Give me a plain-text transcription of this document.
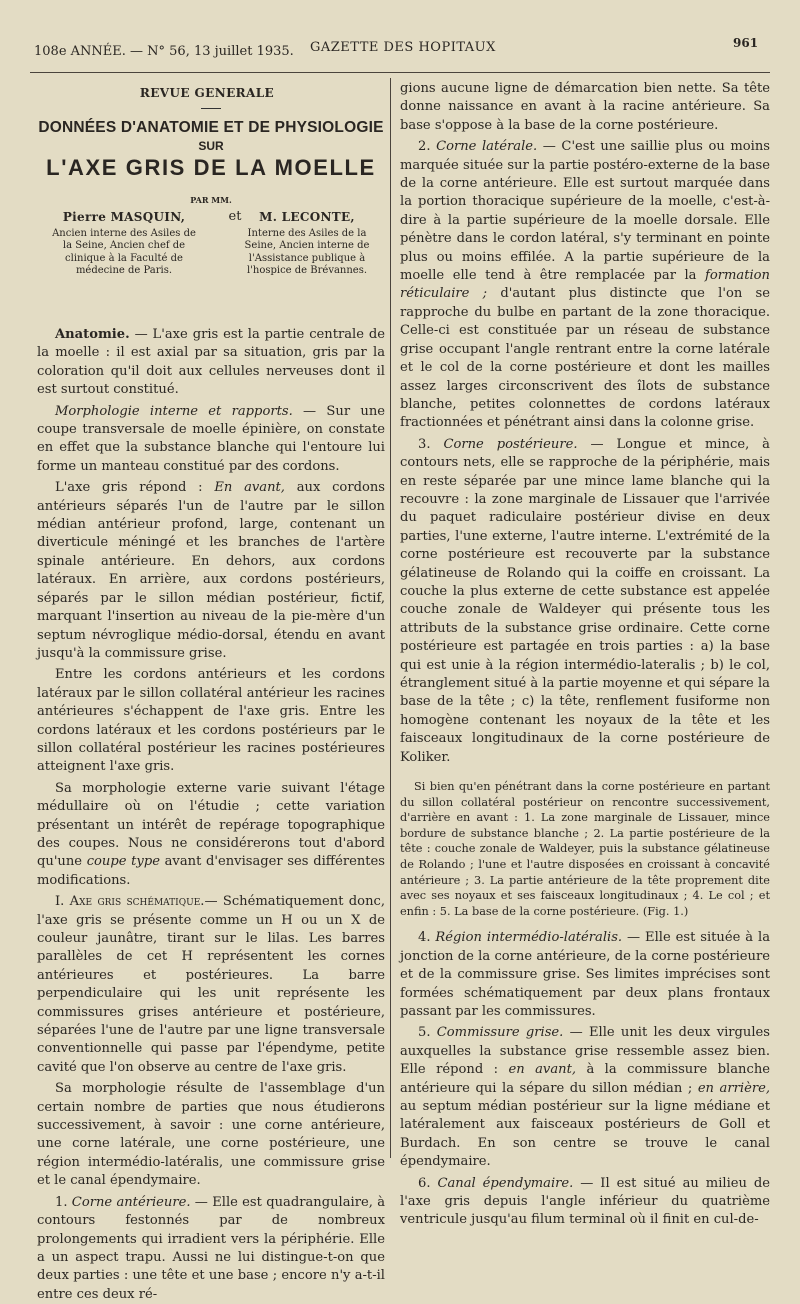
108e ANNÉE. — N° 56, 13 juillet 1935. GAZETTE DES HOPITAUX	961
REVUE GENERALE
DONNÉES D'ANATOMIE ET DE PHYSIOLOGIE
SUR
L'AXE GRIS DE LA MOELLE
PAR MM.
Pierre MASQUIN,
Ancien interne des Asiles de la Seine, Ancien chef de clinique à la Faculté de médecine de Paris.
et	M. LECONTE,
Interne des Asiles de la Seine, Ancien interne de l'Assistance publique à l'hospice de Brévannes.

Anatomie. — L'axe gris est la partie centrale de la moelle : il est axial par sa situation, gris par la coloration qu'il doit aux cellules nerveuses dont il est surtout constitué.

Morphologie interne et rapports. — Sur une coupe transversale de moelle épinière, on constate en effet que la substance blanche qui l'entoure lui forme un manteau constitué par des cordons.

L'axe gris répond : En avant, aux cordons antérieurs séparés l'un de l'autre par le sillon médian antérieur profond, large, contenant un diverticule méningé et les branches de l'artère spinale antérieure. En dehors, aux cordons latéraux. En arrière, aux cordons postérieurs, séparés par le sillon médian postérieur, fictif, marquant l'insertion au niveau de la pie-mère d'un septum névroglique médio-dorsal, étendu en avant jusqu'à la commissure grise.

Entre les cordons antérieurs et les cordons latéraux par le sillon collatéral antérieur les racines antérieures s'échappent de l'axe gris. Entre les cordons latéraux et les cordons postérieurs par le sillon collatéral postérieur les racines postérieures atteignent l'axe gris.

Sa morphologie externe varie suivant l'étage médullaire où on l'étudie ; cette variation présentant un intérêt de repérage topographique des coupes. Nous ne considérerons tout d'abord qu'une coupe type avant d'envisager ses différentes modifications.

I. Axe gris schématique.— Schématiquement donc, l'axe gris se présente comme un H ou un X de couleur jaunâtre, tirant sur le lilas. Les barres parallèles de cet H représentent les cornes antérieures et postérieures. La barre perpendiculaire qui les unit représente les commissures grises antérieure et postérieure, séparées l'une de l'autre par une ligne transversale conventionnelle qui passe par l'épendyme, petite cavité que l'on observe au centre de l'axe gris.

Sa morphologie résulte de l'assemblage d'un certain nombre de parties que nous étudierons successivement, à savoir : une corne antérieure, une corne latérale, une corne postérieure, une région intermédio-latéralis, une commissure grise et le canal épendymaire.

1. Corne antérieure. — Elle est quadrangulaire, à contours festonnés par de nombreux prolongements qui irradient vers la périphérie. Elle a un aspect trapu. Aussi ne lui distingue-t-on que deux parties : une tête et une base ; encore n'y a-t-il entre ces deux ré-

gions aucune ligne de démarcation bien nette. Sa tête donne naissance en avant à la racine antérieure. Sa base s'oppose à la base de la corne postérieure.

2. Corne latérale. — C'est une saillie plus ou moins marquée située sur la partie postéro-externe de la base de la corne antérieure. Elle est surtout marquée dans la portion thoracique supérieure de la moelle, c'est-à-dire à la partie supérieure de la moelle dorsale. Elle pénètre dans le cordon latéral, s'y terminant en pointe plus ou moins effilée. A la partie supérieure de la moelle elle tend à être remplacée par la formation réticulaire ; d'autant plus distincte que l'on se rapproche du bulbe en partant de la zone thoracique. Celle-ci est constituée par un réseau de substance grise occupant l'angle rentrant entre la corne latérale et le col de la corne postérieure et dont les mailles assez larges circonscrivent des îlots de substance blanche, petites colonnettes de cordons latéraux fractionnées et pénétrant ainsi dans la colonne grise.

3. Corne postérieure. — Longue et mince, à contours nets, elle se rapproche de la périphérie, mais en reste séparée par une mince lame blanche qui la recouvre : la zone marginale de Lissauer que l'arrivée du paquet radiculaire postérieur divise en deux parties, l'une externe, l'autre interne. L'extrémité de la corne postérieure est recouverte par la substance gélatineuse de Rolando qui la coiffe en croissant. La couche la plus externe de cette substance est appelée couche zonale de Waldeyer qui présente tous les attributs de la substance grise ordinaire. Cette corne postérieure est partagée en trois parties : a) la base qui est unie à la région intermédio-lateralis ; b) le col, étranglement situé à la partie moyenne et qui sépare la base de la tête ; c) la tête, renflement fusiforme non homogène contenant les noyaux de la tête et les faisceaux longitudinaux de la corne postérieure de Koliker.

Si bien qu'en pénétrant dans la corne postérieure en partant du sillon collatéral postérieur on rencontre successivement, d'arrière en avant : 1. La zone marginale de Lissauer, mince bordure de substance blanche ; 2. La partie postérieure de la tête : couche zonale de Waldeyer, puis la substance gélatineuse de Rolando ; l'une et l'autre disposées en croissant à concavité antérieure ; 3. La partie antérieure de la tête proprement dite avec ses noyaux et ses faisceaux longitudinaux ; 4. Le col ; et enfin : 5. La base de la corne postérieure. (Fig. 1.)

4. Région intermédio-latéralis. — Elle est située à la jonction de la corne antérieure, de la corne postérieure et de la commissure grise. Ses limites imprécises sont formées schématiquement par deux plans frontaux passant par les commissures.

5. Commissure grise. — Elle unit les deux virgules auxquelles la substance grise ressemble assez bien. Elle répond : en avant, à la commissure blanche antérieure qui la sépare du sillon médian ; en arrière, au septum médian postérieur sur la ligne médiane et latéralement aux faisceaux postérieurs de Goll et Burdach. En son centre se trouve le canal épendymaire.

6. Canal épendymaire. — Il est situé au milieu de l'axe gris depuis l'angle inférieur du quatrième ventricule jusqu'au filum terminal où il finit en cul-de-
